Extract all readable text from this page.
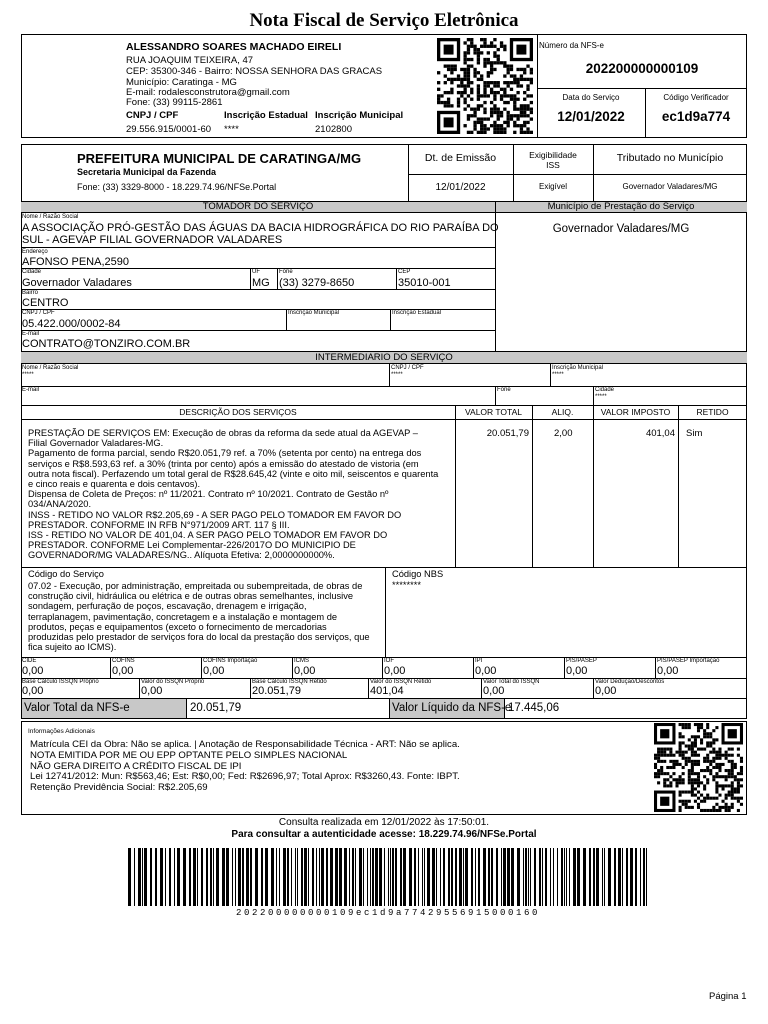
Nota Fiscal de Serviço Eletrônica
ALESSANDRO SOARES MACHADO EIRELI
RUA JOAQUIM TEIXEIRA, 47
CEP: 35300-346 - Bairro: NOSSA SENHORA DAS GRACAS
Município: Caratinga - MG
E-mail: rodalesconstrutora@gmail.com
Fone: (33) 99115-2861
CNPJ / CPF	Inscrição Estadual Inscrição Municipal
29.556.915/0001-60 ****	2102800
Número da NFS-e
202200000000109
Data do Serviço
12/01/2022
Código Verificador
ec1d9a774
PREFEITURA MUNICIPAL DE CARATINGA/MG
Secretaria Municipal da Fazenda
Fone: (33) 3329-8000 - 18.229.74.96/NFSe.Portal
Dt. de Emissão
12/01/2022
Exigibilidade
ISS
Exigível
Tributado no Município
Governador Valadares/MG
TOMADOR DO SERVIÇO	Município de Prestação do Serviço
Governador Valadares/MG
Nome / Razão Social
A ASSOCIAÇÃO PRÓ-GESTÃO DAS ÁGUAS DA BACIA HIDROGRÁFICA DO RIO PARAÍBA DO
SUL - AGEVAP FILIAL GOVERNADOR VALADARES
Endereço
AFONSO PENA,2590
Cidade
Governador Valadares
UF
MG
Fone
(33) 3279-8650
CEP
35010-001
Bairro
CENTRO
CNPJ / CPF
05.422.000/0002-84
Inscrição Municipal	Inscrição Estadual
E-mail
CONTRATO@TONZIRO.COM.BR
INTERMEDIARIO DO SERVIÇO
Nome / Razão Social
*****
CNPJ / CPF
*****
Inscrição Municipal
*****
E-mail	Fone	Cidade
*****
DESCRIÇÃO DOS SERVIÇOS	VALOR TOTAL	ALIQ.	VALOR IMPOSTO	RETIDO
PRESTAÇÃO DE SERVIÇOS EM: Execução de obras da reforma da sede atual da AGEVAP –
Filial Governador Valadares-MG.
Pagamento de forma parcial, sendo R$20.051,79 ref. a 70% (setenta por cento) na entrega dos
serviços e R$8.593,63 ref. a 30% (trinta por cento) após a emissão do atestado de vistoria (em
outra nota fiscal). Perfazendo um total geral de R$28.645,42 (vinte e oito mil, seiscentos e quarenta
e cinco reais e quarenta e dois centavos).
Dispensa de Coleta de Preços: nº 11/2021. Contrato nº 10/2021. Contrato de Gestão nº
034/ANA/2020.
INSS - RETIDO NO VALOR R$2.205,69 - A SER PAGO PELO TOMADOR EM FAVOR DO
PRESTADOR. CONFORME IN RFB N°971/2009 ART. 117 § III.
ISS - RETIDO NO VALOR DE 401,04. A SER PAGO PELO TOMADOR EM FAVOR DO
PRESTADOR. CONFORME Lei Complementar-226/2017O DO MUNICIPIO DE
GOVERNADOR/MG VALADARES/NG.. Alíquota Efetiva: 2,0000000000%.
20.051,79	2,00	401,04 Sim
Código do Serviço
07.02 - Execução, por administração, empreitada ou subempreitada, de obras de
construção civil, hidráulica ou elétrica e de outras obras semelhantes, inclusive
sondagem, perfuração de poços, escavação, drenagem e irrigação,
terraplanagem, pavimentação, concretagem e a instalação e montagem de
produtos, peças e equipamentos (exceto o fornecimento de mercadorias
produzidas pelo prestador de serviços fora do local da prestação dos serviços, que
fica sujeito ao ICMS).
Código NBS
********
CIDE
0,00
COFINS
0,00
COFINS Importação
0,00
ICMS
0,00
IOF
0,00
IPI
0,00
PIS/PASEP
0,00
PIS/PASEP Importação
0,00
Base Cálculo ISSQN Próprio
0,00
Valor do ISSQN Próprio
0,00
Base Cálculo ISSQN Retido
20.051,79
Valor do ISSQN Retido
401,04
Valor Total do ISSQN
0,00
Valor Dedução/Descontos
0,00
Valor Total da NFS-e	20.051,79	Valor Líquido da NFS-e
17.445,06
Informações Adicionais
Matrícula CEI da Obra: Não se aplica. | Anotação de Responsabilidade Técnica - ART: Não se aplica.
NOTA EMITIDA POR ME OU EPP OPTANTE PELO SIMPLES NACIONAL
NÃO GERA DIREITO A CRÉDITO FISCAL DE IPI
Lei 12741/2012: Mun: R$563,46; Est: R$0,00; Fed: R$2696,97; Total Aprox: R$3260,43. Fonte: IBPT.
Retenção Previdência Social: R$2.205,69
Consulta realizada em 12/01/2022 às 17:50:01.
Para consultar a autenticidade acesse: 18.229.74.96/NFSe.Portal
202200000000109ec1d9a77429556915000160
Página 1
